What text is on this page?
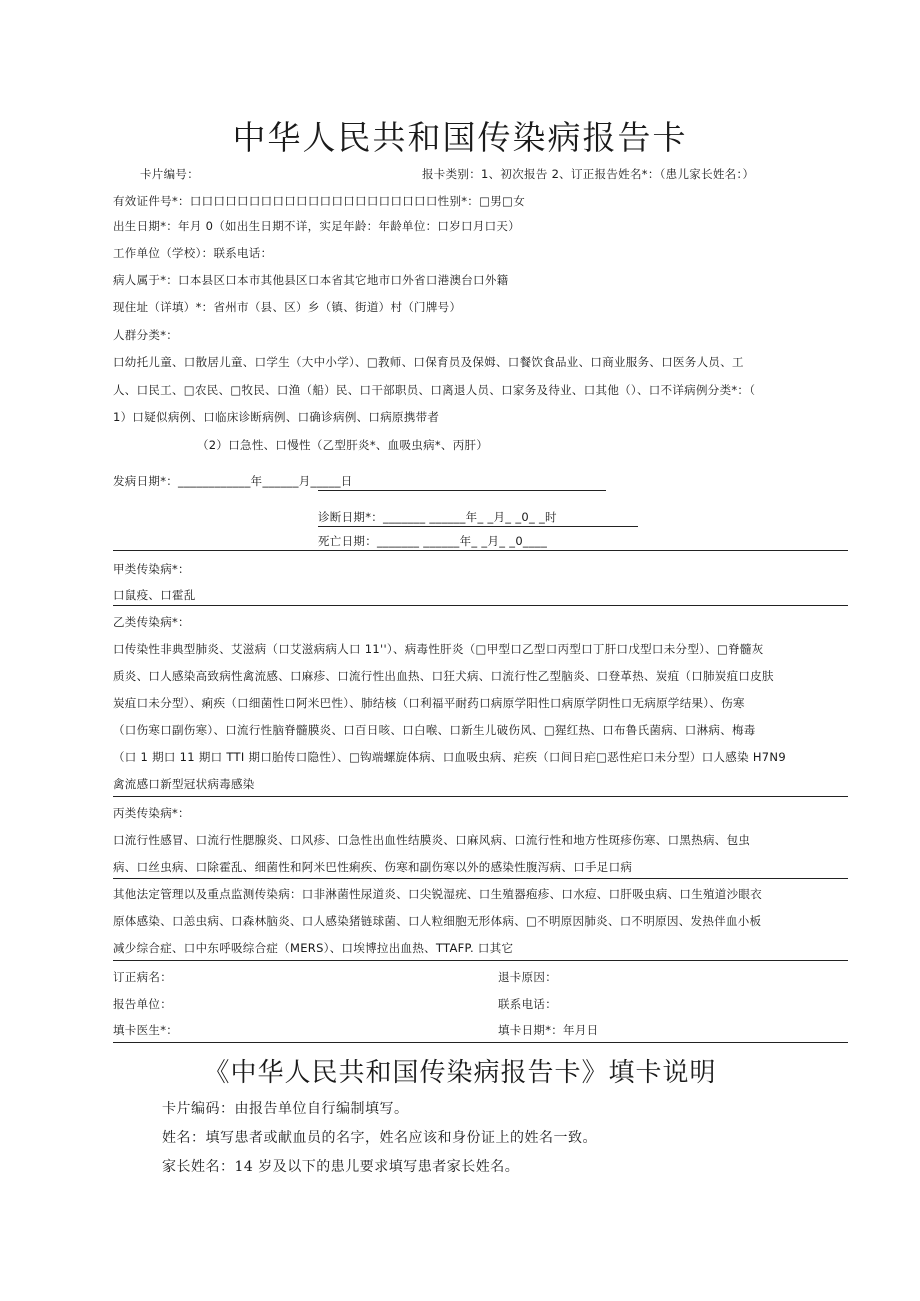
中华人民共和国传染病报告卡
卡片编号：	报卡类别：1、初次报告 2、订正报告姓名*：（患儿家长姓名：）
有效证件号*：口口口口口口口口口口口口口口口口口口口口口性别*：□男□女
出生日期*：年月 0（如出生日期不详，实足年龄：年龄单位：口岁口月口天）
工作单位（学校）：联系电话：
病人属于*：口本县区口本市其他县区口本省其它地市口外省口港澳台口外籍
现住址（详填）*：省州市（县、区）乡（镇、街道）村（门牌号）
人群分类*：
口幼托儿童、口散居儿童、口学生（大中小学）、□教师、口保育员及保姆、口餐饮食品业、口商业服务、口医务人员、工
人、口民工、□农民、□牧民、口渔（船）民、口干部职员、口离退人员、口家务及待业、口其他（）、口不详病例分类*：（
1）口疑似病例、口临床诊断病例、口确诊病例、口病原携带者
（2）口急性、口慢性（乙型肝炎*、血吸虫病*、丙肝）
发病日期*：____________年______月_____日
诊断日期*：_______ ______年_ _月_ _0_ _时
死亡日期：_______ ______年_ _月_ _0____
甲类传染病*：
口鼠疫、口霍乱
乙类传染病*：
口传染性非典型肺炎、艾滋病（口艾滋病病人口 11''）、病毒性肝炎（□甲型口乙型口丙型口丁肝口戊型口未分型）、□脊髓灰
质炎、口人感染高致病性禽流感、口麻疹、口流行性出血热、口狂犬病、口流行性乙型脑炎、口登革热、炭疽（口肺炭疽口皮肤
炭疽口未分型）、痢疾（口细菌性口阿米巴性）、肺结核（口利福平耐药口病原学阳性口病原学阴性口无病原学结果）、伤寒
（口伤寒口副伤寒）、口流行性脑脊髓膜炎、口百日咳、口白喉、口新生儿破伤风、□猩红热、口布鲁氏菌病、口淋病、梅毒
（口 1 期口 11 期口 TTI 期口胎传口隐性）、□钩端螺旋体病、口血吸虫病、疟疾（口间日疟□恶性疟口未分型）口人感染 H7N9
禽流感口新型冠状病毒感染
丙类传染病*：
口流行性感冒、口流行性腮腺炎、口风疹、口急性出血性结膜炎、口麻风病、口流行性和地方性斑疹伤寒、口黑热病、包虫
病、口丝虫病、口除霍乱、细菌性和阿米巴性痢疾、伤寒和副伤寒以外的感染性腹泻病、口手足口病
其他法定管理以及重点监测传染病：口非淋菌性尿道炎、口尖锐湿疣、口生殖器疱疹、口水痘、口肝吸虫病、口生殖道沙眼衣
原体感染、口恙虫病、口森林脑炎、口人感染猪链球菌、口人粒细胞无形体病、□不明原因肺炎、口不明原因、发热伴血小板
减少综合症、口中东呼吸综合症（MERS）、口埃博拉出血热、TTAFP. 口其它
订正病名：	退卡原因：
报告单位：	联系电话：
填卡医生*：	填卡日期*：年月日
《中华人民共和国传染病报告卡》填卡说明
卡片编码：由报告单位自行编制填写。
姓名：填写患者或献血员的名字，姓名应该和身份证上的姓名一致。
家长姓名：14 岁及以下的患儿要求填写患者家长姓名。
